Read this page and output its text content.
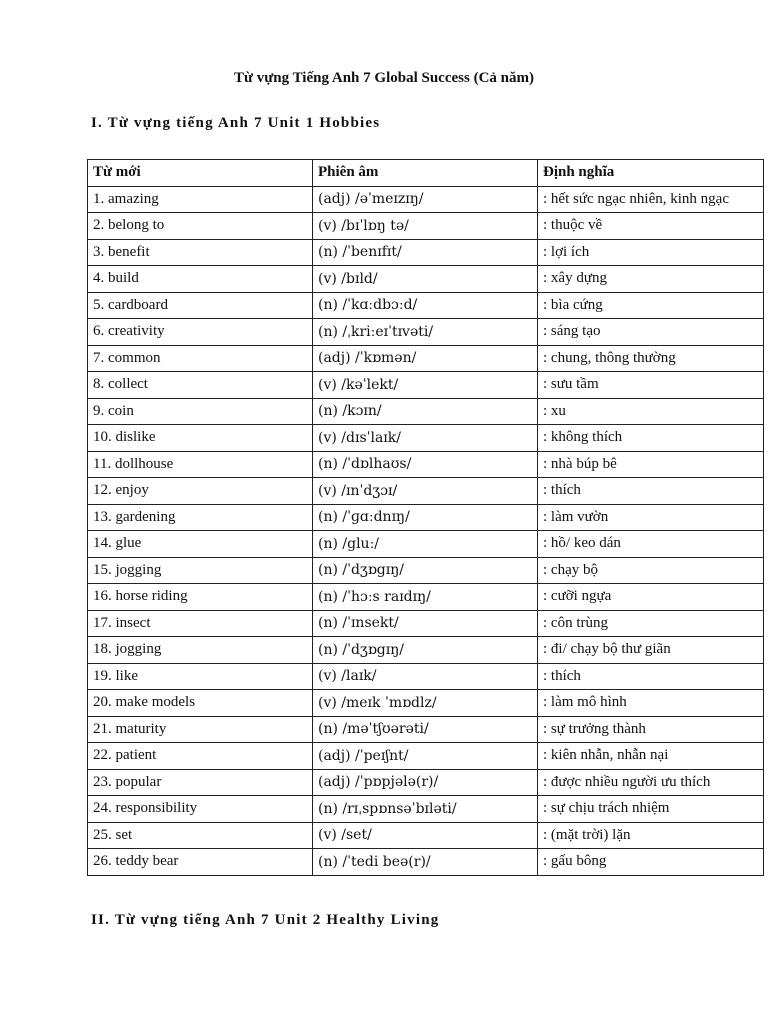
Từ vựng Tiếng Anh 7 Global Success (Cả năm)
I. Từ vựng tiếng Anh 7 Unit 1 Hobbies
Từ mới	Phiên âm	Định nghĩa
1. amazing	(adj) /əˈmeɪzɪŋ/	: hết sức ngạc nhiên, kinh ngạc
2. belong to	(v) /bɪˈlɒŋ tə/	: thuộc về
3. benefit	(n) /ˈbenɪfɪt/	: lợi ích
4. build	(v) /bɪld/	: xây dựng
5. cardboard	(n) /ˈkɑːdbɔːd/	: bìa cứng
6. creativity	(n) /ˌkriːeɪˈtɪvəti/	: sáng tạo
7. common	(adj) /ˈkɒmən/	: chung, thông thường
8. collect	(v) /kəˈlekt/	: sưu tầm
9. coin	(n) /kɔɪn/	: xu
10. dislike	(v) /dɪsˈlaɪk/	: không thích
11. dollhouse	(n) /ˈdɒlhaʊs/	: nhà búp bê
12. enjoy	(v) /ɪnˈdʒɔɪ/	: thích
13. gardening	(n) /ˈɡɑːdnɪŋ/	: làm vườn
14. glue	(n) /gluː/	: hồ/ keo dán
15. jogging	(n) /ˈdʒɒgɪŋ/	: chạy bộ
16. horse riding	(n) /ˈhɔːs raɪdɪŋ/	: cưỡi ngựa
17. insect	(n) /ˈɪnsekt/	: côn trùng
18. jogging	(n) /ˈdʒɒgɪŋ/	: đi/ chạy bộ thư giãn
19. like	(v) /laɪk/	: thích
20. make models	(v) /meɪk ˈmɒdlz/	: làm mô hình
21. maturity	(n) /məˈtʃʊərəti/	: sự trưởng thành
22. patient	(adj) /ˈpeɪʃnt/	: kiên nhẫn, nhẫn nại
23. popular	(adj) /ˈpɒpjələ(r)/	: được nhiều người ưu thích
24. responsibility	(n) /rɪˌspɒnsəˈbɪləti/	: sự chịu trách nhiệm
25. set	(v) /set/	: (mặt trời) lặn
26. teddy bear	(n) /ˈtedi beə(r)/	: gấu bông
II. Từ vựng tiếng Anh 7 Unit 2 Healthy Living
